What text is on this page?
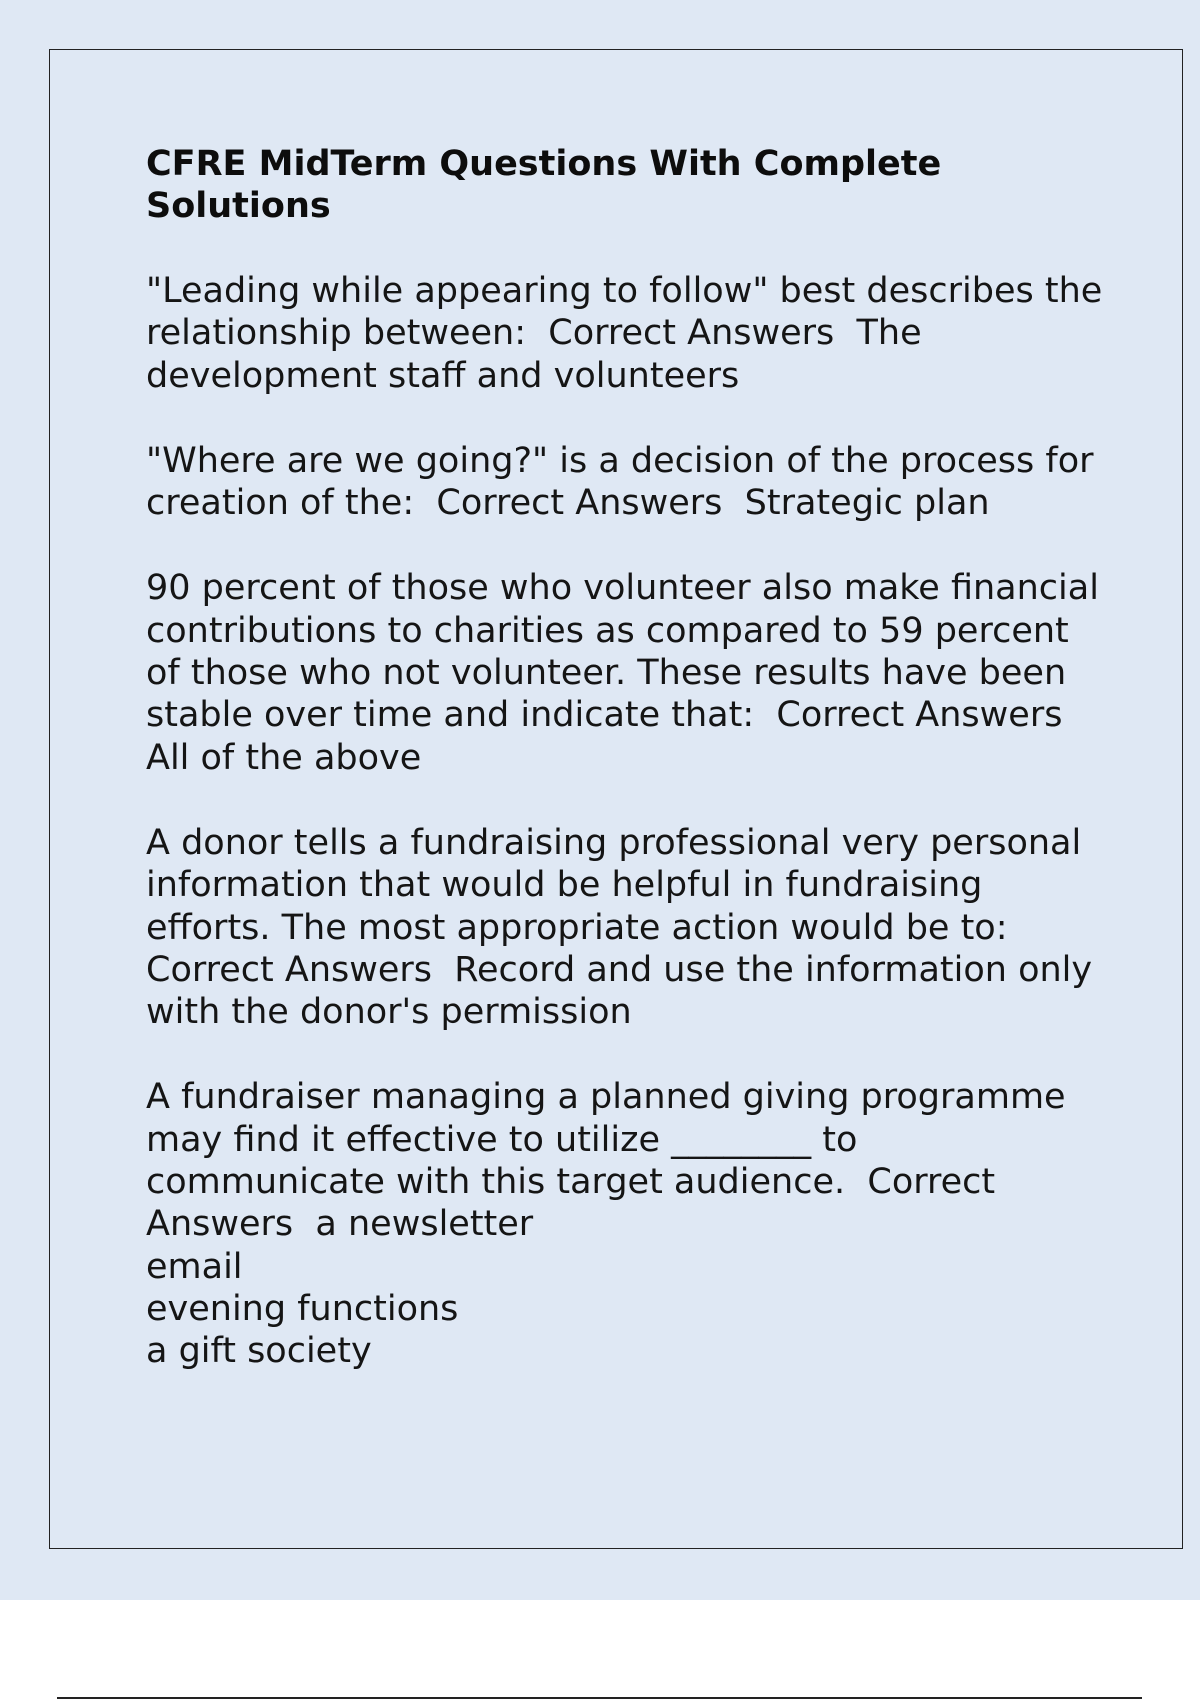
CFRE MidTerm Questions With Complete Solutions
"Leading while appearing to follow" best describes the relationship between: Correct Answers The development staff and volunteers
"Where are we going?" is a decision of the process for creation of the: Correct Answers Strategic plan
90 percent of those who volunteer also make financial contributions to charities as compared to 59 percent of those who not volunteer. These results have been stable over time and indicate that: Correct Answers  All of the above
A donor tells a fundraising professional very personal information that would be helpful in fundraising efforts. The most appropriate action would be to:  Correct Answers Record and use the information only with the donor's permission
A fundraiser managing a planned giving programme may find it effective to utilize ________ to communicate with this target audience. Correct Answers a newsletter
email
evening functions
a gift society
